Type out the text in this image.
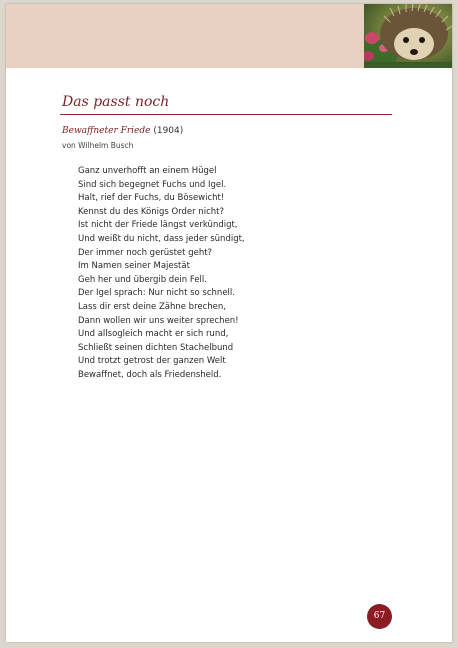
Das passt noch
Bewaffneter Friede (1904)
von Wilhelm Busch
Ganz unverhofft an einem Hügel
Sind sich begegnet Fuchs und Igel.
Halt, rief der Fuchs, du Bösewicht!
Kennst du des Königs Order nicht?
Ist nicht der Friede längst verkündigt,
Und weißt du nicht, dass jeder sündigt,
Der immer noch gerüstet geht?
Im Namen seiner Majestät
Geh her und übergib dein Fell.
Der Igel sprach: Nur nicht so schnell.
Lass dir erst deine Zähne brechen,
Dann wollen wir uns weiter sprechen!
Und allsogleich macht er sich rund,
Schließt seinen dichten Stachelbund
Und trotzt getrost der ganzen Welt
Bewaffnet, doch als Friedensheld.
67
